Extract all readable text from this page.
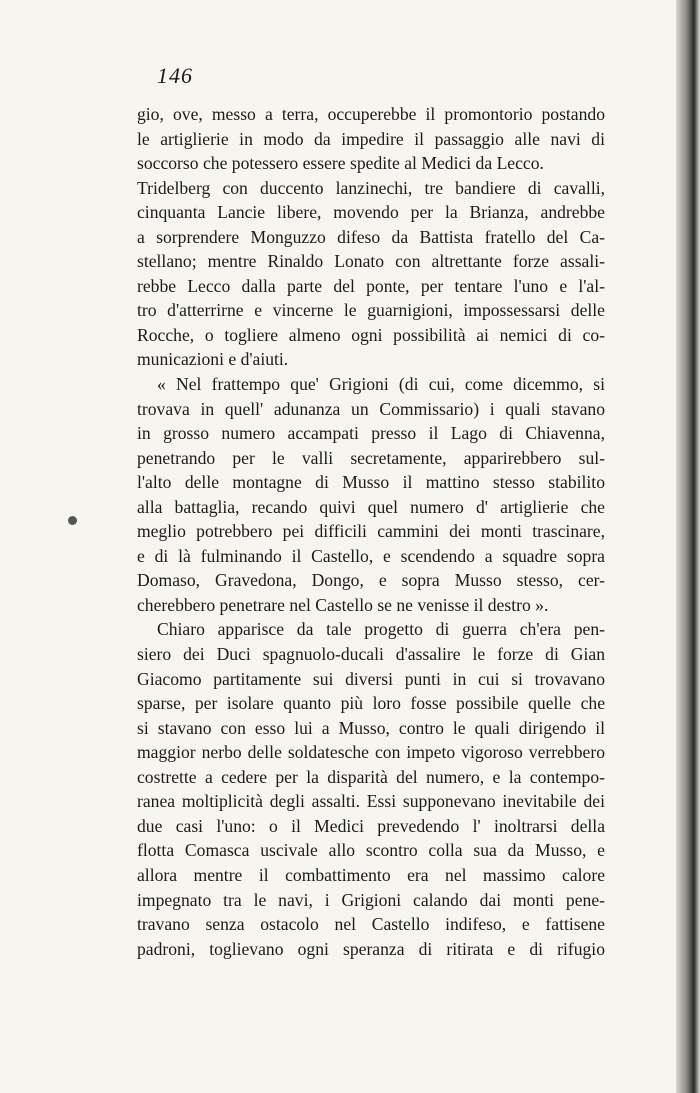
146
gio, ove, messo a terra, occuperebbe il promontorio postando
le artiglierie in modo da impedire il passaggio alle navi di
soccorso che potessero essere spedite al Medici da Lecco.
Tridelberg con duccento lanzinechi, tre bandiere di cavalli,
cinquanta Lancie libere, movendo per la Brianza, andrebbe
a sorprendere Monguzzo difeso da Battista fratello del Ca-
stellano; mentre Rinaldo Lonato con altrettante forze assali-
rebbe Lecco dalla parte del ponte, per tentare l'uno e l'al-
tro d'atterrirne e vincerne le guarnigioni, impossessarsi delle
Rocche, o togliere almeno ogni possibilità ai nemici di co-
municazioni e d'aiuti.
« Nel frattempo que' Grigioni (di cui, come dicemmo, si
trovava in quell' adunanza un Commissario) i quali stavano
in grosso numero accampati presso il Lago di Chiavenna,
penetrando per le valli secretamente, apparirebbero sul-
l'alto delle montagne di Musso il mattino stesso stabilito
alla battaglia, recando quivi quel numero d' artiglierie che
meglio potrebbero pei difficili cammini dei monti trascinare,
e di là fulminando il Castello, e scendendo a squadre sopra
Domaso, Gravedona, Dongo, e sopra Musso stesso, cer-
cherebbero penetrare nel Castello se ne venisse il destro ».
Chiaro apparisce da tale progetto di guerra ch'era pen-
siero dei Duci spagnuolo-ducali d'assalire le forze di Gian
Giacomo partitamente sui diversi punti in cui si trovavano
sparse, per isolare quanto più loro fosse possibile quelle che
si stavano con esso lui a Musso, contro le quali dirigendo il
maggior nerbo delle soldatesche con impeto vigoroso verrebbero
costrette a cedere per la disparità del numero, e la contempo-
ranea moltiplicità degli assalti. Essi supponevano inevitabile dei
due casi l'uno: o il Medici prevedendo l' inoltrarsi della
flotta Comasca uscivale allo scontro colla sua da Musso, e
allora mentre il combattimento era nel massimo calore
impegnato tra le navi, i Grigioni calando dai monti pene-
travano senza ostacolo nel Castello indifeso, e fattisene
padroni, toglievano ogni speranza di ritirata e di rifugio
